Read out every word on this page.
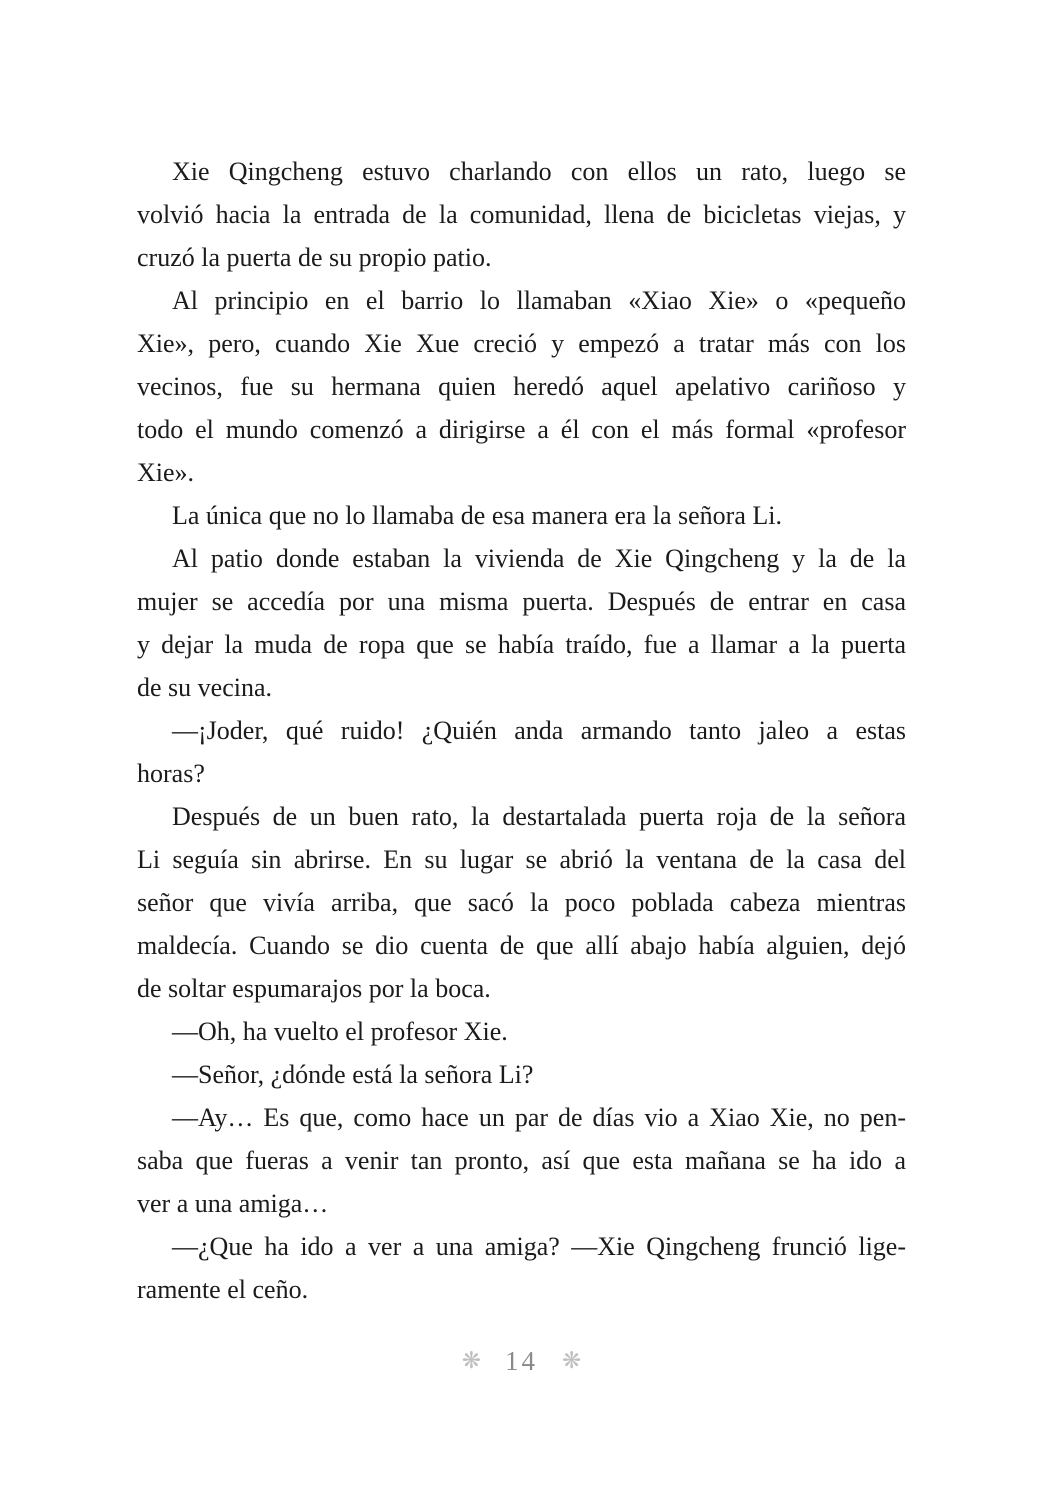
Xie Qingcheng estuvo charlando con ellos un rato, luego se
volvió hacia la entrada de la comunidad, llena de bicicletas viejas, y
cruzó la puerta de su propio patio.
Al principio en el barrio lo llamaban «Xiao Xie» o «pequeño
Xie», pero, cuando Xie Xue creció y empezó a tratar más con los
vecinos, fue su hermana quien heredó aquel apelativo cariñoso y
todo el mundo comenzó a dirigirse a él con el más formal «profesor
Xie».
La única que no lo llamaba de esa manera era la señora Li.
Al patio donde estaban la vivienda de Xie Qingcheng y la de la
mujer se accedía por una misma puerta. Después de entrar en casa
y dejar la muda de ropa que se había traído, fue a llamar a la puerta
de su vecina.
—¡Joder, qué ruido! ¿Quién anda armando tanto jaleo a estas
horas?
Después de un buen rato, la destartalada puerta roja de la señora
Li seguía sin abrirse. En su lugar se abrió la ventana de la casa del
señor que vivía arriba, que sacó la poco poblada cabeza mientras
maldecía. Cuando se dio cuenta de que allí abajo había alguien, dejó
de soltar espumarajos por la boca.
—Oh, ha vuelto el profesor Xie.
—Señor, ¿dónde está la señora Li?
—Ay… Es que, como hace un par de días vio a Xiao Xie, no pen-
saba que fueras a venir tan pronto, así que esta mañana se ha ido a
ver a una amiga…
—¿Que ha ido a ver a una amiga? —Xie Qingcheng frunció lige-
ramente el ceño.
❋ 14 ❋
